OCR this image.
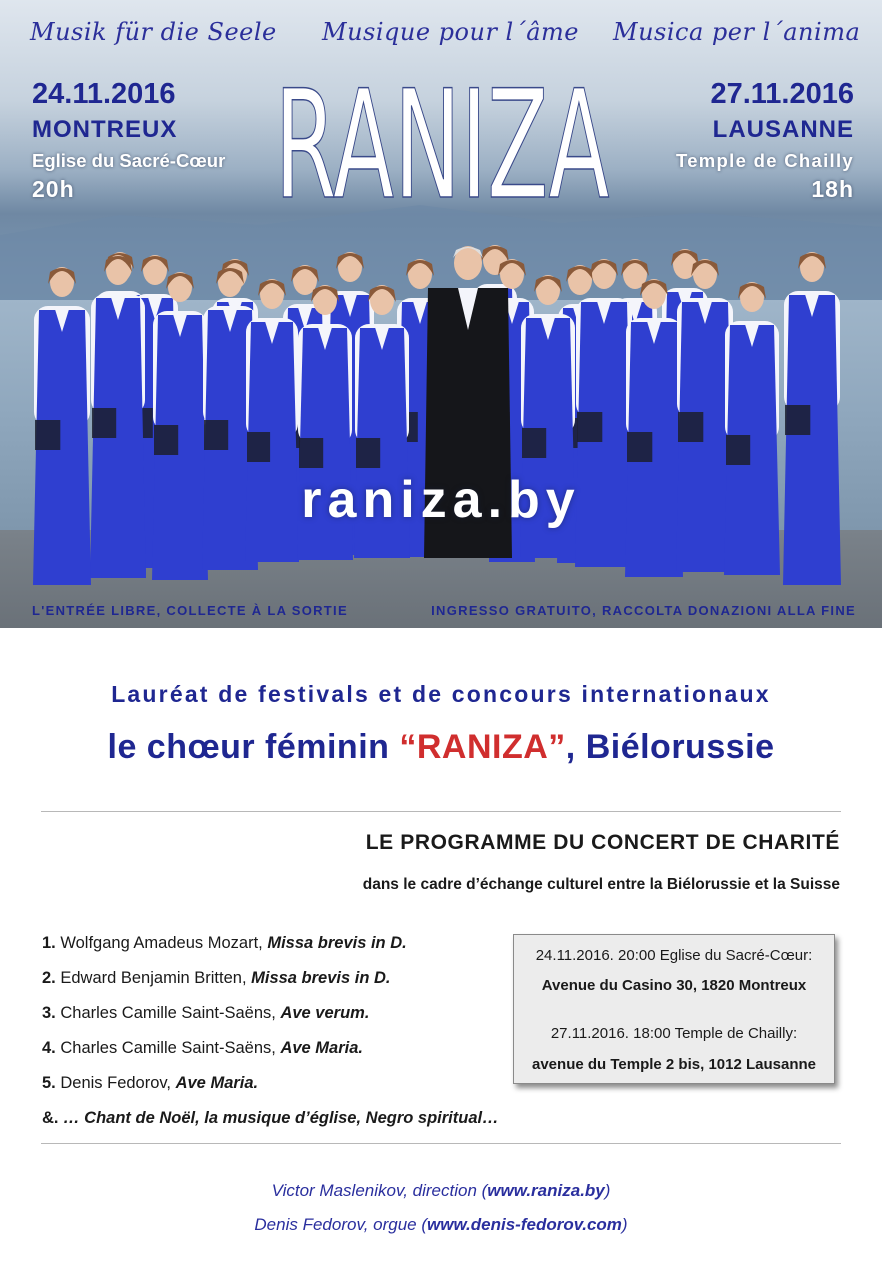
Musik für die Seele Musique pour l´âme Musica per l´anima
24.11.2016
MONTREUX
Eglise du Sacré-Cœur
20h
27.11.2016
LAUSANNE
Temple de Chailly
18h
RANIZA
raniza.by
L'ENTRÉE LIBRE, COLLECTE À LA SORTIE	INGRESSO GRATUITO, RACCOLTA DONAZIONI ALLA FINE
Lauréat de festivals et de concours internationaux
le chœur féminin “RANIZA”, Biélorussie
LE PROGRAMME DU CONCERT DE CHARITÉ
dans le cadre d’échange culturel entre la Biélorussie et la Suisse
1. Wolfgang Amadeus Mozart, Missa brevis in D.
2. Edward Benjamin Britten, Missa brevis in D.
3. Charles Camille Saint-Saëns, Ave verum.
4. Charles Camille Saint-Saëns, Ave Maria.
5. Denis Fedorov, Ave Maria.
&. … Chant de Noël, la musique d’église, Negro spiritual…
24.11.2016. 20:00 Eglise du Sacré-Cœur:
Avenue du Casino 30, 1820 Montreux
27.11.2016. 18:00 Temple de Chailly:
avenue du Temple 2 bis, 1012 Lausanne
Victor Maslenikov, direction (www.raniza.by)
Denis Fedorov, orgue (www.denis-fedorov.com)
